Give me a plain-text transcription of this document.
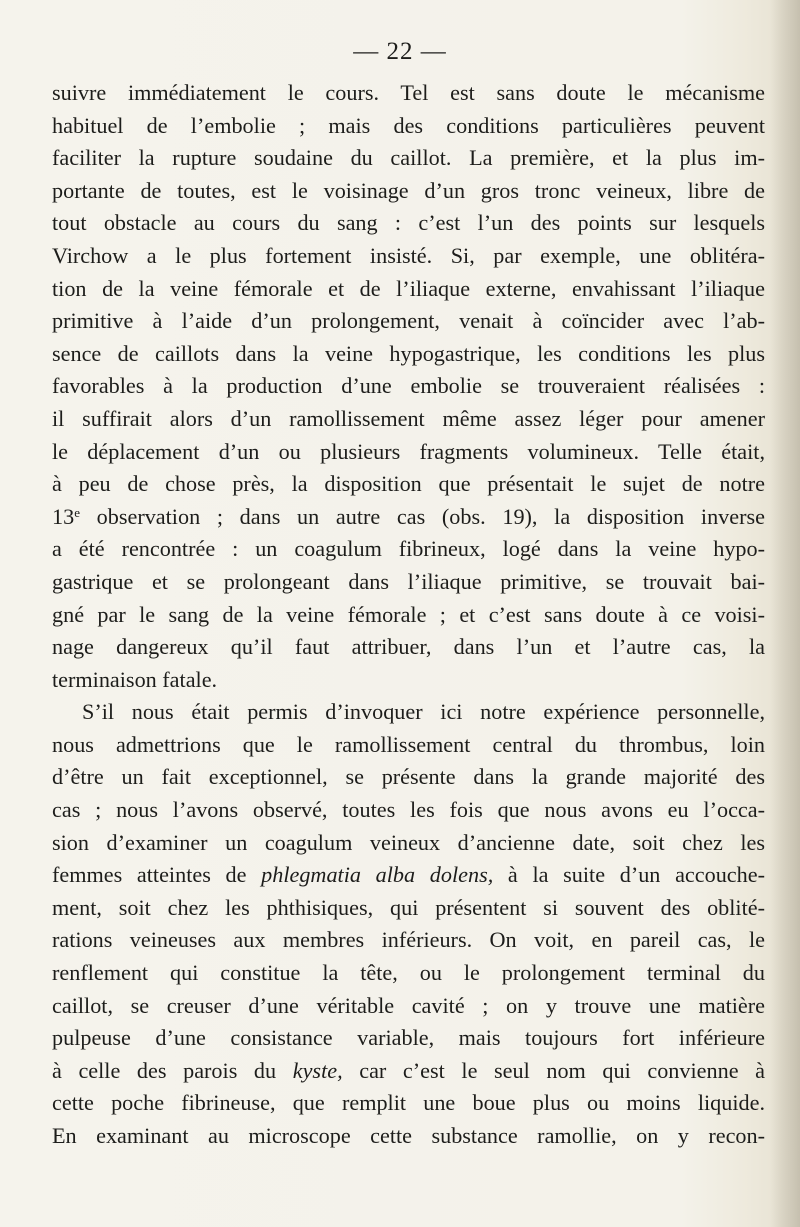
— 22 —
suivre immédiatement le cours. Tel est sans doute le mécanisme
habituel de l’embolie ; mais des conditions particulières peuvent
faciliter la rupture soudaine du caillot. La première, et la plus im-
portante de toutes, est le voisinage d’un gros tronc veineux, libre de
tout obstacle au cours du sang : c’est l’un des points sur lesquels
Virchow a le plus fortement insisté. Si, par exemple, une oblitéra-
tion de la veine fémorale et de l’iliaque externe, envahissant l’iliaque
primitive à l’aide d’un prolongement, venait à coïncider avec l’ab-
sence de caillots dans la veine hypogastrique, les conditions les plus
favorables à la production d’une embolie se trouveraient réalisées :
il suffirait alors d’un ramollissement même assez léger pour amener
le déplacement d’un ou plusieurs fragments volumineux. Telle était,
à peu de chose près, la disposition que présentait le sujet de notre
13e observation ; dans un autre cas (obs. 19), la disposition inverse
a été rencontrée : un coagulum fibrineux, logé dans la veine hypo-
gastrique et se prolongeant dans l’iliaque primitive, se trouvait bai-
gné par le sang de la veine fémorale ; et c’est sans doute à ce voisi-
nage dangereux qu’il faut attribuer, dans l’un et l’autre cas, la
terminaison fatale.
S’il nous était permis d’invoquer ici notre expérience personnelle,
nous admettrions que le ramollissement central du thrombus, loin
d’être un fait exceptionnel, se présente dans la grande majorité des
cas ; nous l’avons observé, toutes les fois que nous avons eu l’occa-
sion d’examiner un coagulum veineux d’ancienne date, soit chez les
femmes atteintes de phlegmatia alba dolens, à la suite d’un accouche-
ment, soit chez les phthisiques, qui présentent si souvent des oblité-
rations veineuses aux membres inférieurs. On voit, en pareil cas, le
renflement qui constitue la tête, ou le prolongement terminal du
caillot, se creuser d’une véritable cavité ; on y trouve une matière
pulpeuse d’une consistance variable, mais toujours fort inférieure
à celle des parois du kyste, car c’est le seul nom qui convienne à
cette poche fibrineuse, que remplit une boue plus ou moins liquide.
En examinant au microscope cette substance ramollie, on y recon-
